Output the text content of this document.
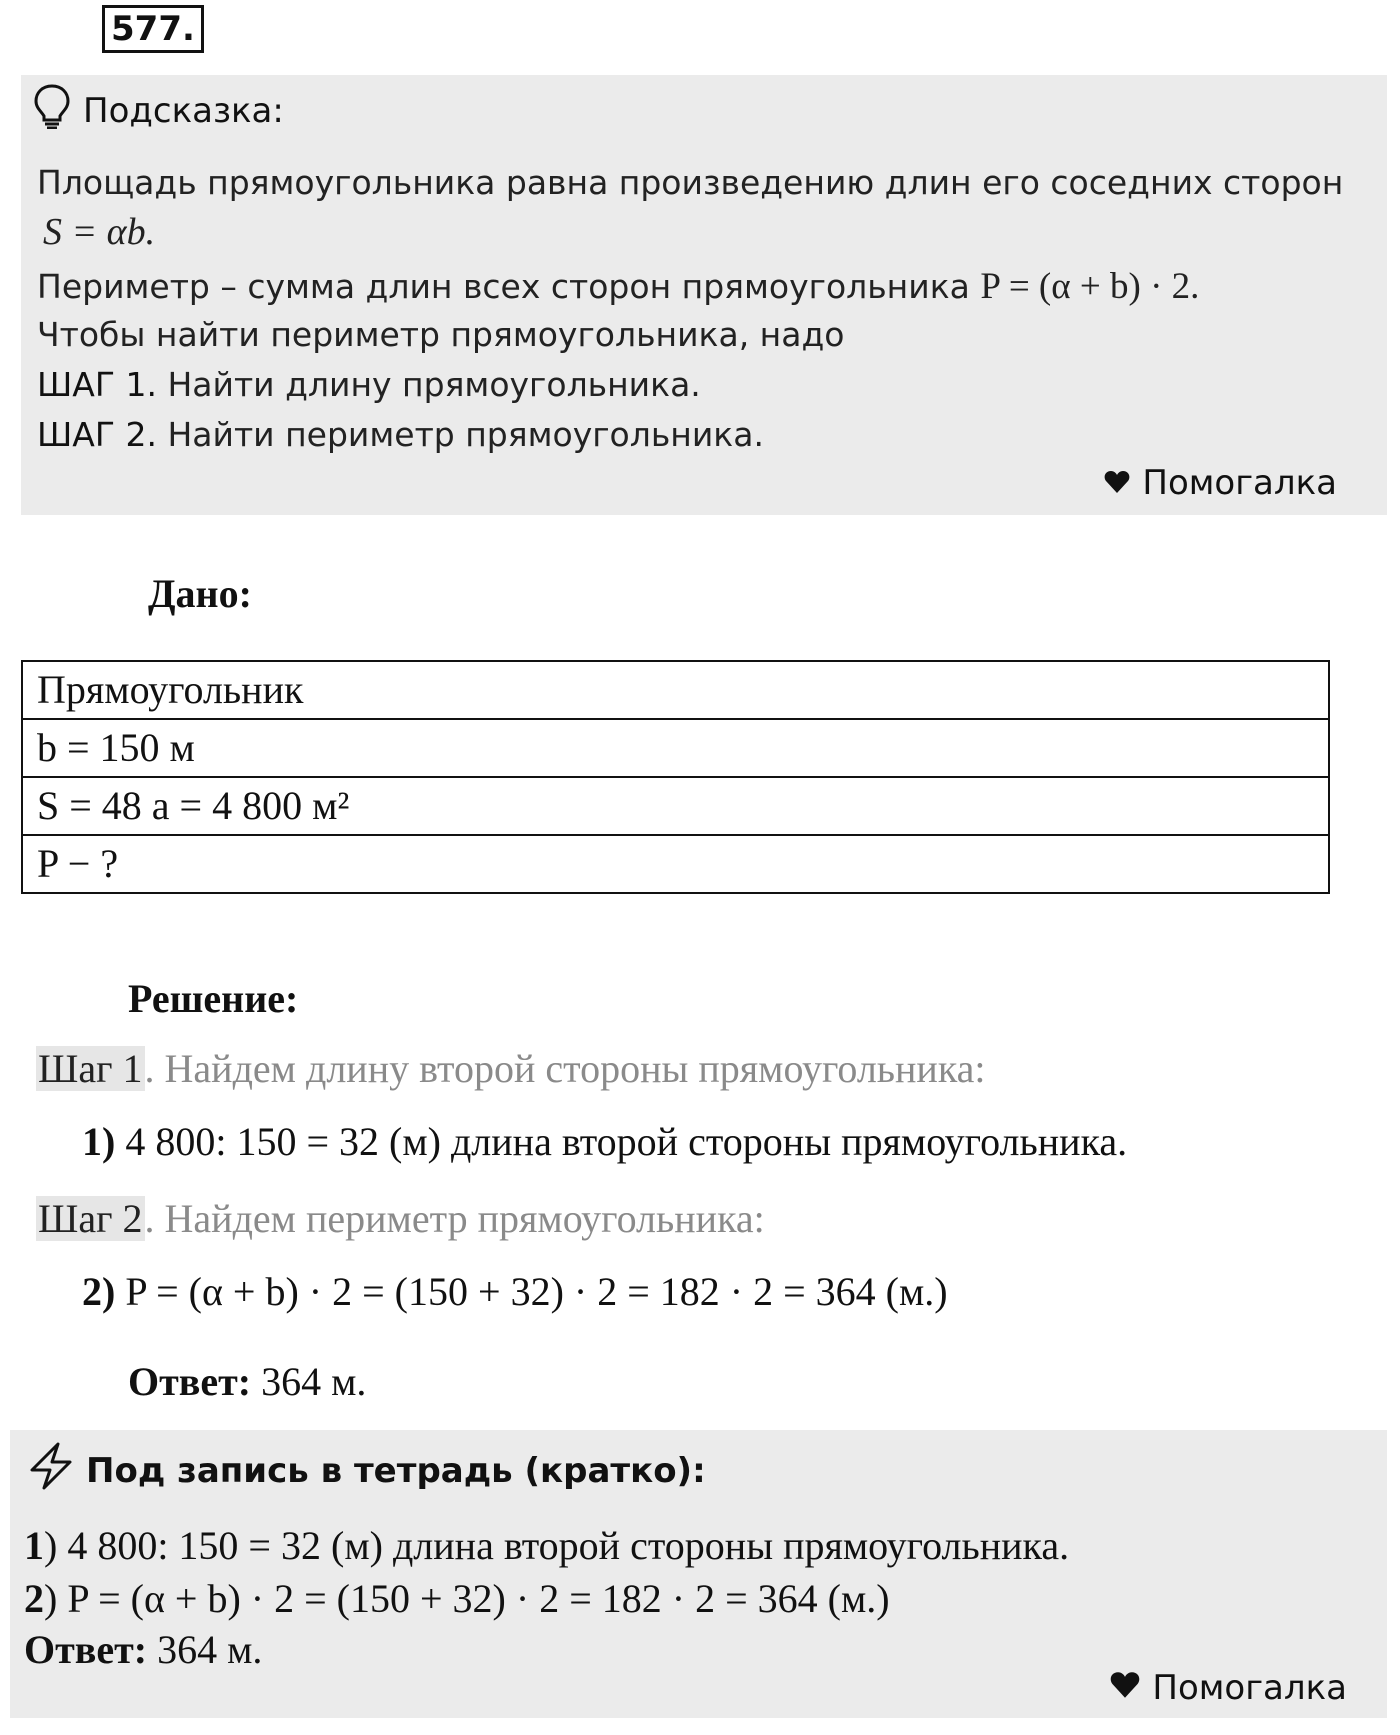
577.
Подсказка:
Площадь прямоугольника равна произведению длин его соседних сторон
S = αb.
Периметр – сумма длин всех сторон прямоугольника P = (α + b) · 2.
Чтобы найти периметр прямоугольника, надо
ШАГ 1. Найти длину прямоугольника.
ШАГ 2. Найти периметр прямоугольника.
Помогалка
Дано:
Прямоугольник
b = 150 м
S = 48 а = 4 800 м²
P − ?
Решение:
Шаг 1. Найдем длину второй стороны прямоугольника:
1) 4 800: 150 = 32 (м) длина второй стороны прямоугольника.
Шаг 2. Найдем периметр прямоугольника:
2) P = (α + b) · 2 = (150 + 32) · 2 = 182 · 2 = 364 (м.)
Ответ: 364 м.
Под запись в тетрадь (кратко):
1) 4 800: 150 = 32 (м) длина второй стороны прямоугольника.
2) P = (α + b) · 2 = (150 + 32) · 2 = 182 · 2 = 364 (м.)
Ответ: 364 м.
Помогалка
